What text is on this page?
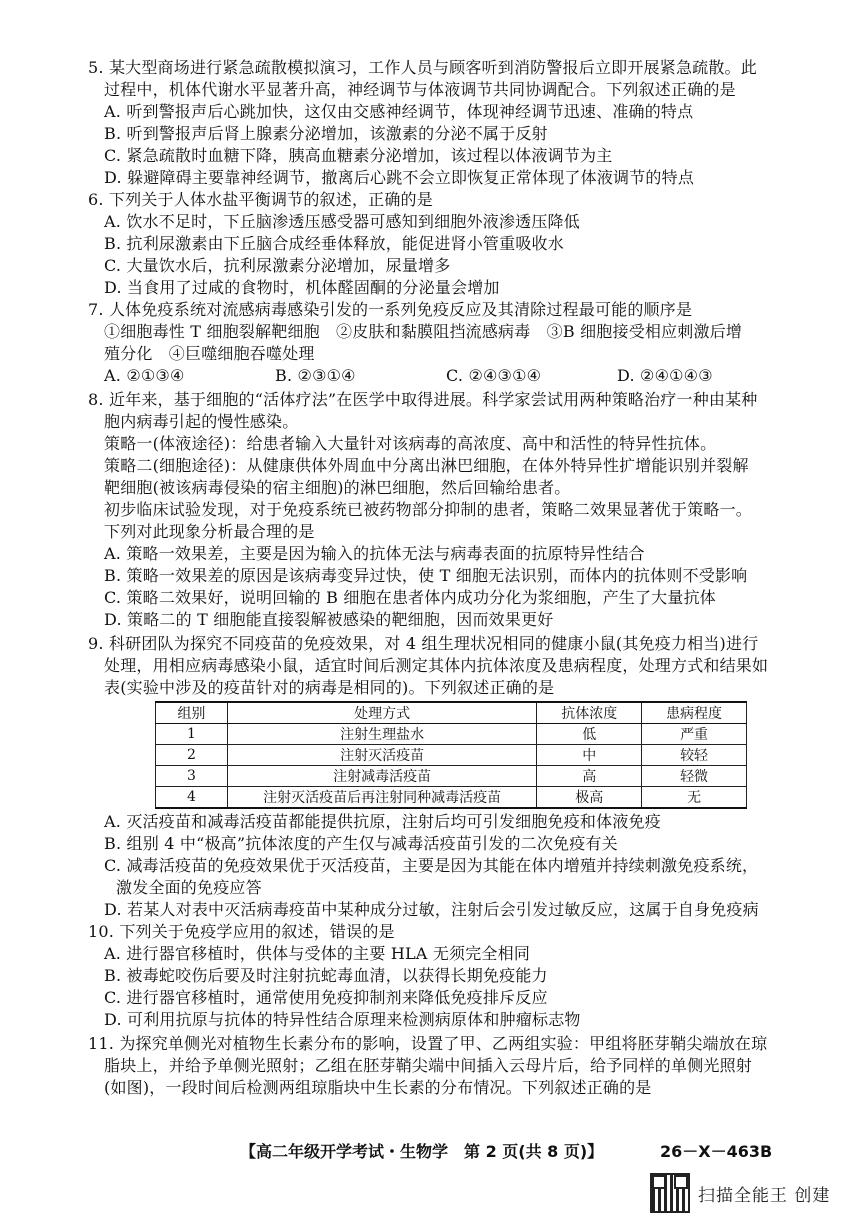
5. 某大型商场进行紧急疏散模拟演习，工作人员与顾客听到消防警报后立即开展紧急疏散。此
过程中，机体代谢水平显著升高，神经调节与体液调节共同协调配合。下列叙述正确的是
A. 听到警报声后心跳加快，这仅由交感神经调节，体现神经调节迅速、准确的特点
B. 听到警报声后肾上腺素分泌增加，该激素的分泌不属于反射
C. 紧急疏散时血糖下降，胰高血糖素分泌增加，该过程以体液调节为主
D. 躲避障碍主要靠神经调节，撤离后心跳不会立即恢复正常体现了体液调节的特点
6. 下列关于人体水盐平衡调节的叙述，正确的是
A. 饮水不足时，下丘脑渗透压感受器可感知到细胞外液渗透压降低
B. 抗利尿激素由下丘脑合成经垂体释放，能促进肾小管重吸收水
C. 大量饮水后，抗利尿激素分泌增加，尿量增多
D. 当食用了过咸的食物时，机体醛固酮的分泌量会增加
7. 人体免疫系统对流感病毒感染引发的一系列免疫反应及其清除过程最可能的顺序是
①细胞毒性 T 细胞裂解靶细胞　②皮肤和黏膜阻挡流感病毒　③B 细胞接受相应刺激后增
殖分化　④巨噬细胞吞噬处理
A. ②①③④	B. ②③①④	C. ②④③①④	D. ②④①④③
8. 近年来，基于细胞的“活体疗法”在医学中取得进展。科学家尝试用两种策略治疗一种由某种
胞内病毒引起的慢性感染。
策略一(体液途径)：给患者输入大量针对该病毒的高浓度、高中和活性的特异性抗体。
策略二(细胞途径)：从健康供体外周血中分离出淋巴细胞，在体外特异性扩增能识别并裂解
靶细胞(被该病毒侵染的宿主细胞)的淋巴细胞，然后回输给患者。
初步临床试验发现，对于免疫系统已被药物部分抑制的患者，策略二效果显著优于策略一。
下列对此现象分析最合理的是
A. 策略一效果差，主要是因为输入的抗体无法与病毒表面的抗原特异性结合
B. 策略一效果差的原因是该病毒变异过快，使 T 细胞无法识别，而体内的抗体则不受影响
C. 策略二效果好，说明回输的 B 细胞在患者体内成功分化为浆细胞，产生了大量抗体
D. 策略二的 T 细胞能直接裂解被感染的靶细胞，因而效果更好
9. 科研团队为探究不同疫苗的免疫效果，对 4 组生理状况相同的健康小鼠(其免疫力相当)进行
处理，用相应病毒感染小鼠，适宜时间后测定其体内抗体浓度及患病程度，处理方式和结果如
表(实验中涉及的疫苗针对的病毒是相同的)。下列叙述正确的是
组别	处理方式	抗体浓度	患病程度
1	注射生理盐水	低	严重
2	注射灭活疫苗	中	较轻
3	注射减毒活疫苗	高	轻微
4	注射灭活疫苗后再注射同种减毒活疫苗	极高	无
A. 灭活疫苗和减毒活疫苗都能提供抗原，注射后均可引发细胞免疫和体液免疫
B. 组别 4 中“极高”抗体浓度的产生仅与减毒活疫苗引发的二次免疫有关
C. 减毒活疫苗的免疫效果优于灭活疫苗，主要是因为其能在体内增殖并持续刺激免疫系统，
激发全面的免疫应答
D. 若某人对表中灭活病毒疫苗中某种成分过敏，注射后会引发过敏反应，这属于自身免疫病
10. 下列关于免疫学应用的叙述，错误的是
A. 进行器官移植时，供体与受体的主要 HLA 无须完全相同
B. 被毒蛇咬伤后要及时注射抗蛇毒血清，以获得长期免疫能力
C. 进行器官移植时，通常使用免疫抑制剂来降低免疫排斥反应
D. 可利用抗原与抗体的特异性结合原理来检测病原体和肿瘤标志物
11. 为探究单侧光对植物生长素分布的影响，设置了甲、乙两组实验：甲组将胚芽鞘尖端放在琼
脂块上，并给予单侧光照射；乙组在胚芽鞘尖端中间插入云母片后，给予同样的单侧光照射
(如图)，一段时间后检测两组琼脂块中生长素的分布情况。下列叙述正确的是
【高二年级开学考试・生物学　第 2 页(共 8 页)】	26－X－463B
扫描全能王 创建
